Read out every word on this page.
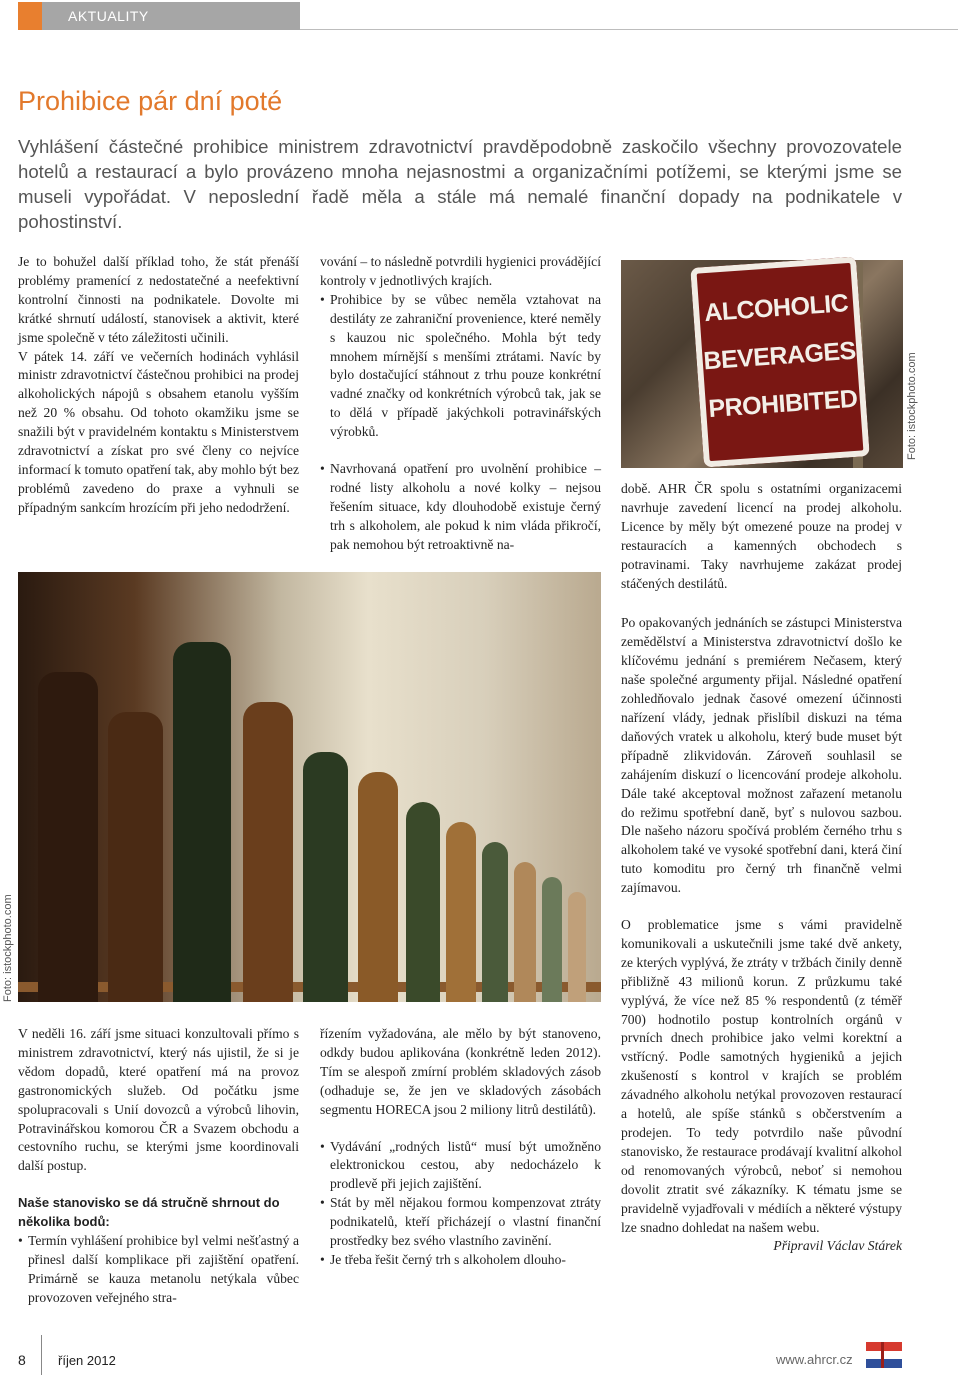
AKTUALITY
Prohibice pár dní poté
Vyhlášení částečné prohibice ministrem zdravotnictví pravděpodobně zaskočilo všechny provozovatele hotelů a restaurací a bylo provázeno mnoha nejasnostmi a organizačními potížemi, se kterými jsme se museli vypořádat. V neposlední řadě měla a stále má nemalé finanční dopady na podnikatele v pohostinství.

Je to bohužel další příklad toho, že stát přenáší problémy pramenící z nedostatečné a neefektivní kontrolní činnosti na podnikatele. Dovolte mi krátké shrnutí událostí, stanovisek a aktivit, které jsme společně v této záležitosti učinili.

V pátek 14. září ve večerních hodinách vyhlásil ministr zdravotnictví částečnou prohibici na prodej alkoholických nápojů s obsahem etanolu vyšším než 20 % obsahu. Od tohoto okamžiku jsme se snažili být v pravidelném kontaktu s Ministerstvem zdravotnictví a získat pro své členy co nejvíce informací k tomuto opatření tak, aby mohlo být bez problémů zavedeno do praxe a vyhnuli se případným sankcím hrozícím při jeho nedodržení.

vování – to následně potvrdili hygienici provádějící kontroly v jednotlivých krajích.

• Prohibice by se vůbec neměla vztahovat na destiláty ze zahraniční provenience, které neměly s kauzou nic společného. Mohla být tedy mnohem mírnější s menšími ztrátami. Navíc by bylo dostačující stáhnout z trhu pouze konkrétní vadné značky od konkrétních výrobců tak, jak se to dělá v případě jakýchkoli potravinářských výrobků.
• Navrhovaná opatření pro uvolnění prohibice – rodné listy alkoholu a nové kolky – nejsou řešením situace, kdy dlouhodobě existuje černý trh s alkoholem, ale pokud k nim vláda přikročí, pak nemohou být retroaktivně na-
ALCOHOLIC
BEVERAGES
PROHIBITED	Foto: istockphoto.com

době. AHR ČR spolu s ostatními organizacemi navrhuje zavedení licencí na prodej alkoholu. Licence by měly být omezené pouze na prodej v restauracích a kamenných obchodech s potravinami. Taky navrhujeme zakázat prodej stáčených destilátů.

Po opakovaných jednáních se zástupci Ministerstva zemědělství a Ministerstva zdravotnictví došlo ke klíčovému jednání s premiérem Nečasem, který naše společné argumenty přijal. Následné opatření zohledňovalo jednak časové omezení účinnosti nařízení vlády, jednak přislíbil diskuzi na téma daňových vratek u alkoholu, který bude muset být případně zlikvidován. Zároveň souhlasil se zahájením diskuzí o licencování prodeje alkoholu. Dále také akceptoval možnost zařazení metanolu do režimu spotřební daně, byť s nulovou sazbou. Dle našeho názoru spočívá problém černého trhu s alkoholem také ve vysoké spotřební dani, která činí tuto komoditu pro černý trh finančně velmi zajímavou.

O problematice jsme s vámi pravidelně komunikovali a uskutečnili jsme také dvě ankety, ze kterých vyplývá, že ztráty v tržbách činily denně přibližně 43 milionů korun. Z průzkumu také vyplývá, že více než 85 % respondentů (z téměř 700) hodnotilo postup kontrolních orgánů v prvních dnech prohibice jako velmi korektní a vstřícný. Podle samotných hygieniků a jejich zkušeností s kontrol v krajích se problém závadného alkoholu netýkal provozoven restaurací a hotelů, ale spíše stánků s občerstvením a prodejen. To tedy potvrdilo naše původní stanovisko, že restaurace prodávají kvalitní alkohol od renomovaných výrobců, neboť si nemohou dovolit ztratit své zákazníky. K tématu jsme se pravidelně vyjadřovali v médiích a některé výstupy lze snadno dohledat na našem webu.

Připravil Václav Stárek

Foto: istockphoto.com

V neděli 16. září jsme situaci konzultovali přímo s ministrem zdravotnictví, který nás ujistil, že si je vědom dopadů, které opatření má na provoz gastronomických služeb. Od počátku jsme spolupracovali s Unií dovozců a výrobců lihovin, Potravinářskou komorou ČR a Svazem obchodu a cestovního ruchu, se kterými jsme koordinovali další postup.

Naše stanovisko se dá stručně shrnout do několika bodů:

• Termín vyhlášení prohibice byl velmi nešťastný a přinesl další komplikace při zajištění opatření. Primárně se kauza metanolu netýkala vůbec provozoven veřejného stra-

řízením vyžadována, ale mělo by být stanoveno, odkdy budou aplikována (konkrétně leden 2012). Tím se alespoň zmírní problém skladových zásob (odhaduje se, že jen ve skladových zásobách segmentu HORECA jsou 2 miliony litrů destilátů).

• Vydávání „rodných listů“ musí být umožněno elektronickou cestou, aby nedocházelo k prodlevě při jejich zajištění.
• Stát by měl nějakou formou kompenzovat ztráty podnikatelů, kteří přicházejí o vlastní finanční prostředky bez svého vlastního zavinění.
• Je třeba řešit černý trh s alkoholem dlouho-
8 říjen 2012	www.ahrcr.cz
